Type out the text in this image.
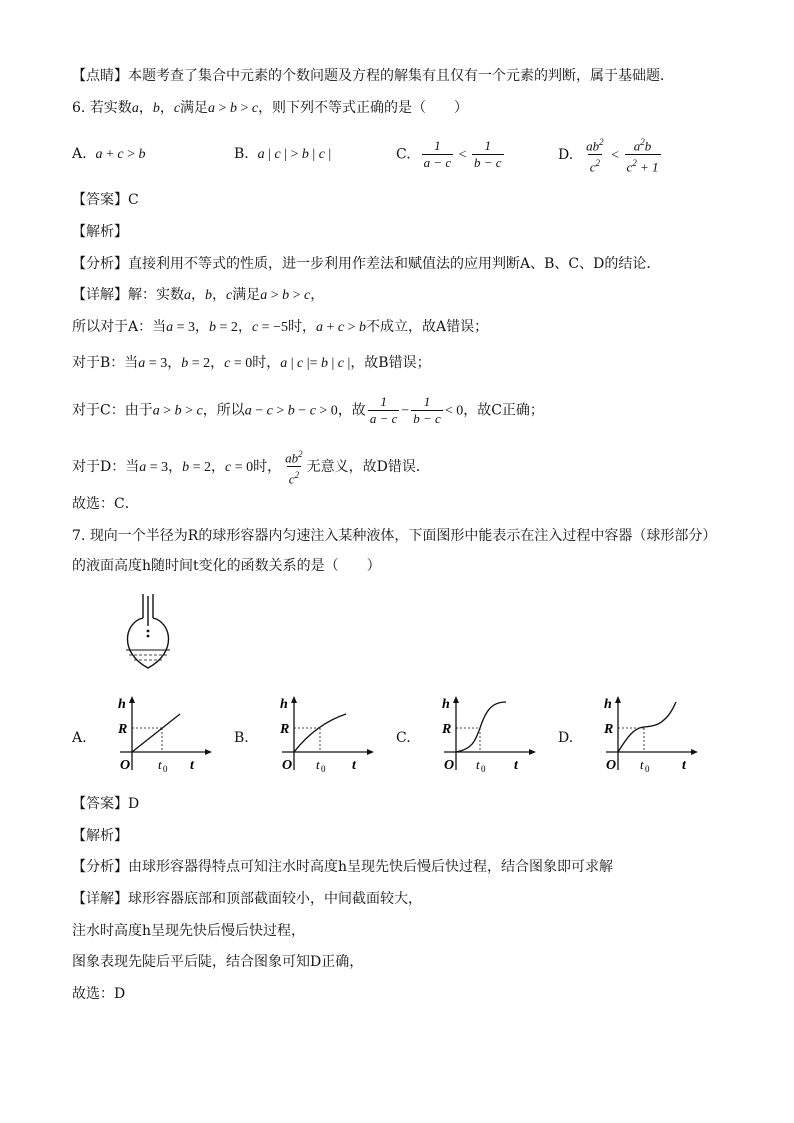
【点睛】本题考查了集合中元素的个数问题及方程的解集有且仅有一个元素的判断，属于基础题．
6. 若实数a，b，c满足a > b > c，则下列不等式正确的是（　　）
A. a + c > b	B. a | c | > b | c |	C. $\frac{1}{a - c} < \frac{1}{b - c}$	D. $\frac{ab^2}{c^2} < \frac{a^2b}{c^2 + 1}$
【答案】C
【解析】
【分析】直接利用不等式的性质，进一步利用作差法和赋值法的应用判断A、B、C、D的结论．
【详解】解：实数a，b，c满足a > b > c，
所以对于A：当a = 3，b = 2，c = −5时，a + c > b不成立，故A错误；
对于B：当a = 3，b = 2，c = 0时，a | c |= b | c |，故B错误；
对于C：由于a > b > c，所以a − c > b − c > 0，故 $\frac{1}{a - c} - \frac{1}{b - c} < 0$，故C正确；
对于D：当a = 3，b = 2，c = 0时， $\frac{ab^2}{c^2}$ 无意义，故D错误．
故选：C．
7. 现向一个半径为R的球形容器内匀速注入某种液体，下面图形中能表示在注入过程中容器（球形部分）
的液面高度h随时间t变化的函数关系的是（　　）
A.
h
R
O t 0 t
B.
h
R
O t 0 t
C.
h
R
O t 0 t
D.
h
R
O t 0 t
【答案】D
【解析】
【分析】由球形容器得特点可知注水时高度h呈现先快后慢后快过程，结合图象即可求解
【详解】球形容器底部和顶部截面较小，中间截面较大，
注水时高度h呈现先快后慢后快过程，
图象表现先陡后平后陡，结合图象可知D正确，
故选：D
